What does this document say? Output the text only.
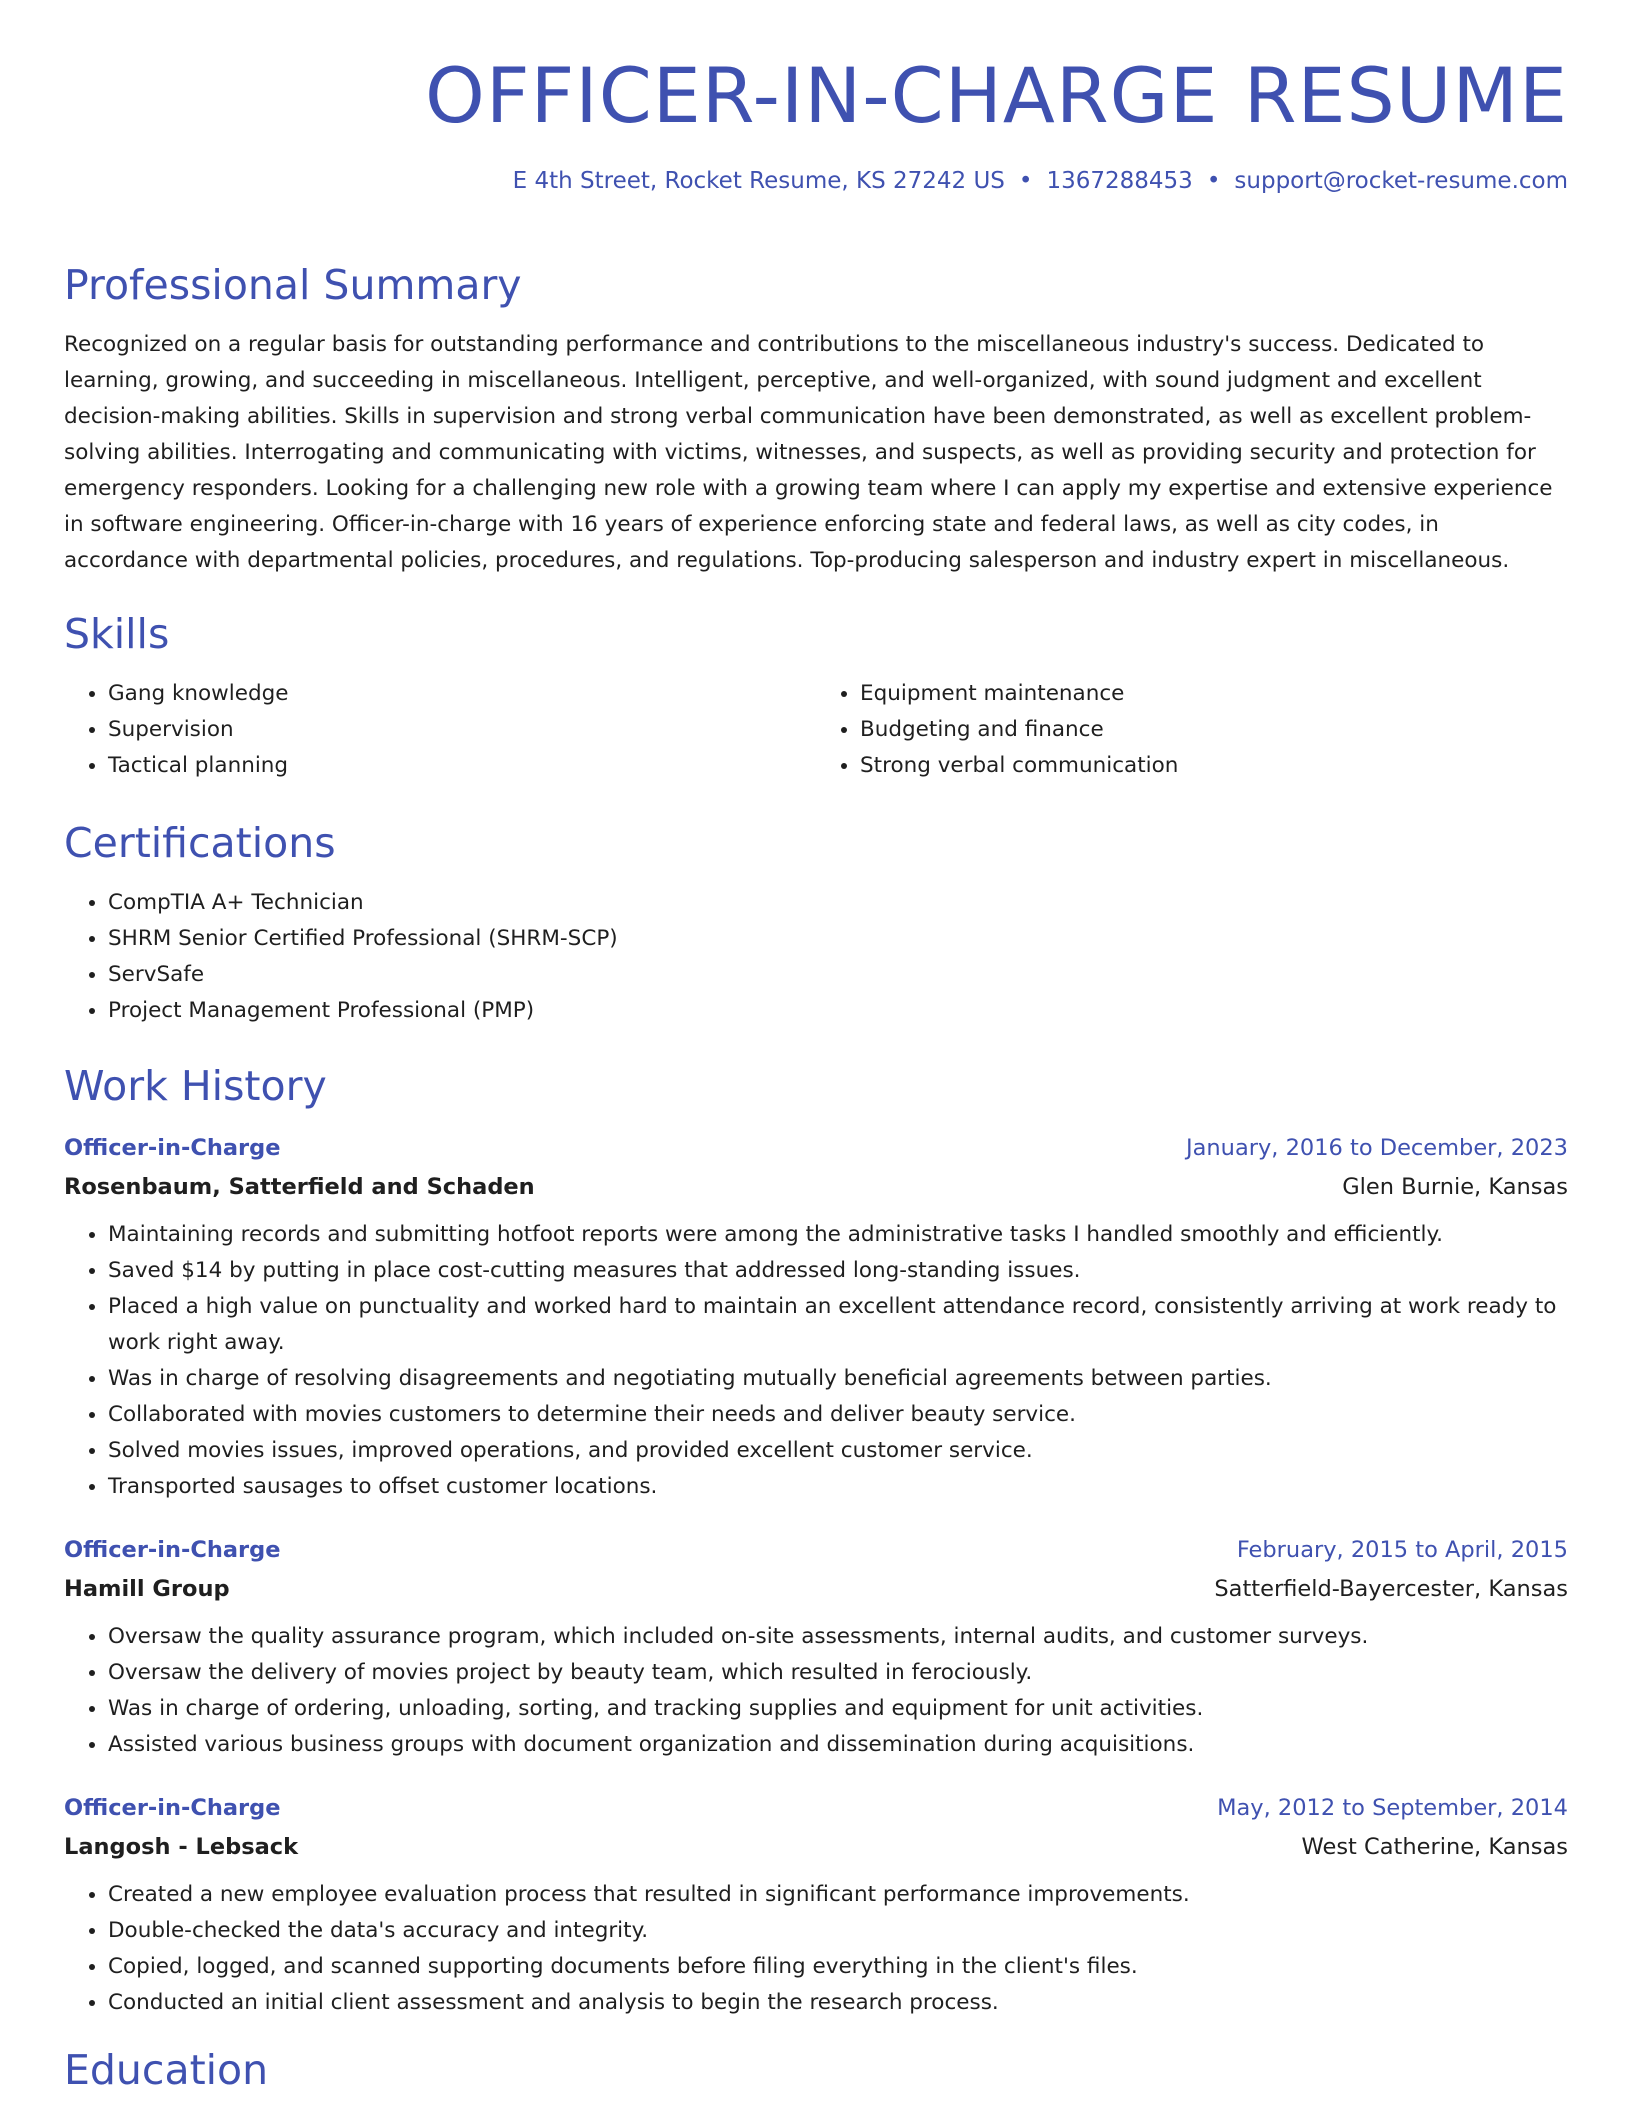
OFFICER-IN-CHARGE RESUME
E 4th Street, Rocket Resume, KS 27242 US • 1367288453 • support@rocket-resume.com
Professional Summary

Recognized on a regular basis for outstanding performance and contributions to the miscellaneous industry's success. Dedicated to learning, growing, and succeeding in miscellaneous. Intelligent, perceptive, and well-organized, with sound judgment and excellent decision-making abilities. Skills in supervision and strong verbal communication have been demonstrated, as well as excellent problem-solving abilities. Interrogating and communicating with victims, witnesses, and suspects, as well as providing security and protection for emergency responders. Looking for a challenging new role with a growing team where I can apply my expertise and extensive experience in software engineering. Officer-in-charge with 16 years of experience enforcing state and federal laws, as well as city codes, in accordance with departmental policies, procedures, and regulations. Top-producing salesperson and industry expert in miscellaneous.

Skills
• Gang knowledge
• Supervision
• Tactical planning
• Equipment maintenance
• Budgeting and finance
• Strong verbal communication
Certifications
• CompTIA A+ Technician
• SHRM Senior Certified Professional (SHRM-SCP)
• ServSafe
• Project Management Professional (PMP)
Work History
Officer-in-Charge	January, 2016 to December, 2023
Rosenbaum, Satterfield and Schaden	Glen Burnie, Kansas
• Maintaining records and submitting hotfoot reports were among the administrative tasks I handled smoothly and efficiently.
• Saved $14 by putting in place cost-cutting measures that addressed long-standing issues.
• Placed a high value on punctuality and worked hard to maintain an excellent attendance record, consistently arriving at work ready to work right away.
• Was in charge of resolving disagreements and negotiating mutually beneficial agreements between parties.
• Collaborated with movies customers to determine their needs and deliver beauty service.
• Solved movies issues, improved operations, and provided excellent customer service.
• Transported sausages to offset customer locations.
Officer-in-Charge	February, 2015 to April, 2015
Hamill Group	Satterfield-Bayercester, Kansas
• Oversaw the quality assurance program, which included on-site assessments, internal audits, and customer surveys.
• Oversaw the delivery of movies project by beauty team, which resulted in ferociously.
• Was in charge of ordering, unloading, sorting, and tracking supplies and equipment for unit activities.
• Assisted various business groups with document organization and dissemination during acquisitions.
Officer-in-Charge	May, 2012 to September, 2014
Langosh - Lebsack	West Catherine, Kansas
• Created a new employee evaluation process that resulted in significant performance improvements.
• Double-checked the data's accuracy and integrity.
• Copied, logged, and scanned supporting documents before filing everything in the client's files.
• Conducted an initial client assessment and analysis to begin the research process.
Education
